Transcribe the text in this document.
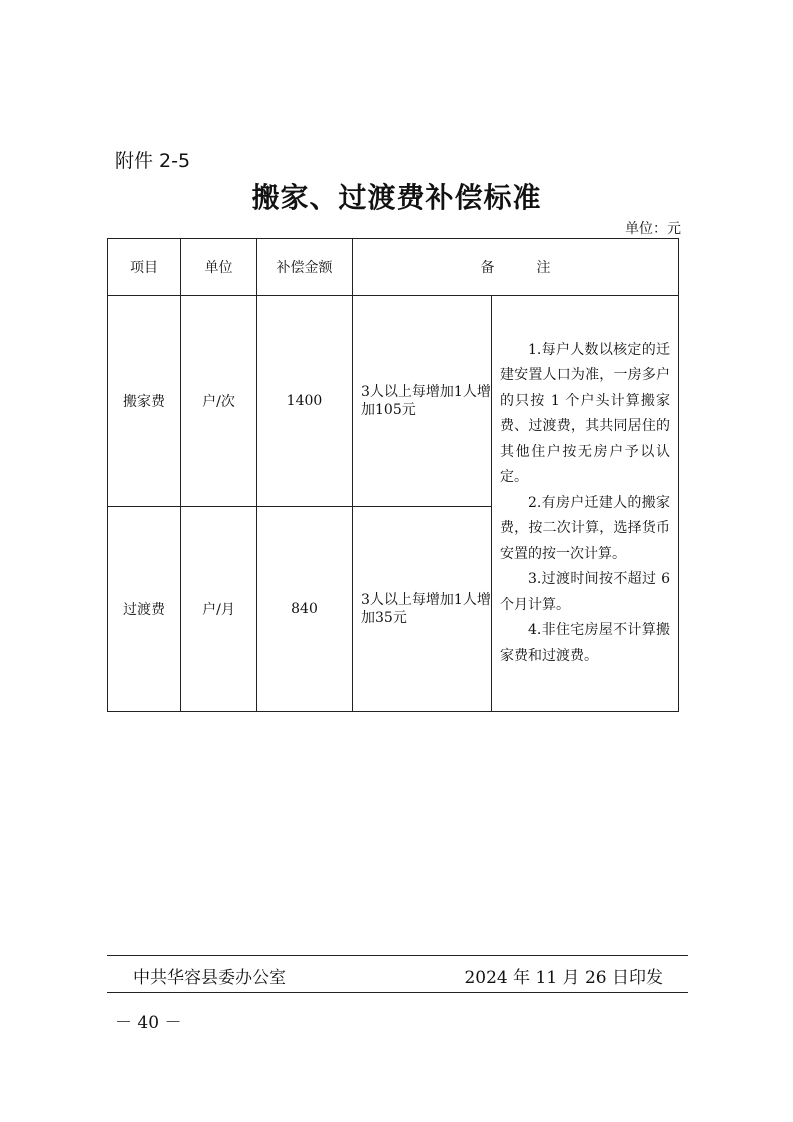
附件 2-5
搬家、过渡费补偿标准
单位：元
项目	单位	补偿金额	备　　　注	
搬家费	户/次	1400	3人以上每增加1人增加105元	1.每户人数以核定的迁建安置人口为准，一房多户的只按 1 个户头计算搬家费、过渡费，其共同居住的其他住户按无房户予以认定。

2.有房户迁建人的搬家费，按二次计算，选择货币安置的按一次计算。

3.过渡时间按不超过 6 个月计算。

4.非住宅房屋不计算搬家费和过渡费。

过渡费	户/月	840	3人以上每增加1人增加35元	
中共华容县委办公室	2024 年 11 月 26 日印发
－ 40 －
